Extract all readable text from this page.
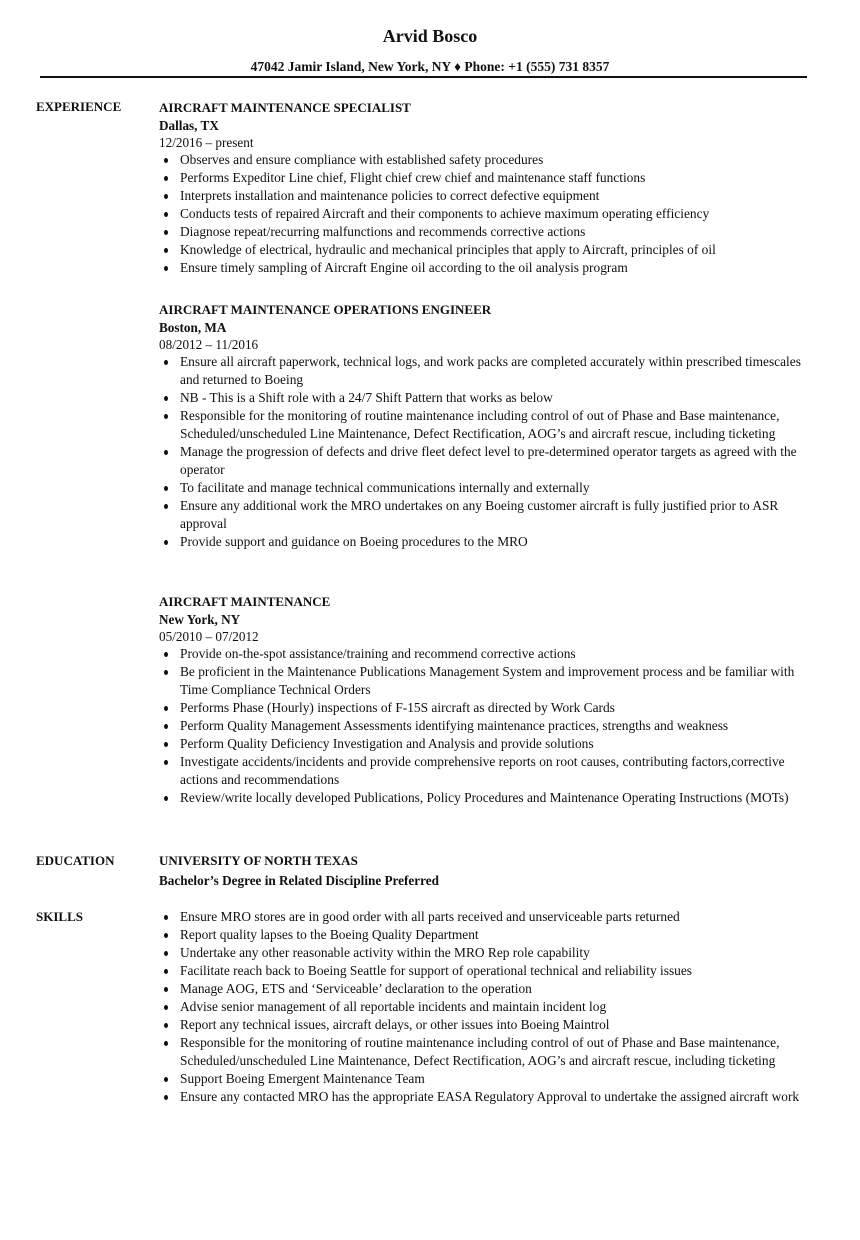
Arvid Bosco
47042 Jamir Island, New York, NY ♦ Phone: +1 (555) 731 8357
EXPERIENCE	AIRCRAFT MAINTENANCE SPECIALIST
Dallas, TX
12/2016 – present
Observes and ensure compliance with established safety procedures
Performs Expeditor Line chief, Flight chief crew chief and maintenance staff functions
Interprets installation and maintenance policies to correct defective equipment
Conducts tests of repaired Aircraft and their components to achieve maximum operating efficiency
Diagnose repeat/recurring malfunctions and recommends corrective actions
Knowledge of electrical, hydraulic and mechanical principles that apply to Aircraft, principles of oil
Ensure timely sampling of Aircraft Engine oil according to the oil analysis program
AIRCRAFT MAINTENANCE OPERATIONS ENGINEER
Boston, MA
08/2012 – 11/2016
Ensure all aircraft paperwork, technical logs, and work packs are completed accurately within prescribed timescales and returned to Boeing
NB - This is a Shift role with a 24/7 Shift Pattern that works as below
Responsible for the monitoring of routine maintenance including control of out of Phase and Base maintenance, Scheduled/unscheduled Line Maintenance, Defect Rectification, AOG’s and aircraft rescue, including ticketing
Manage the progression of defects and drive fleet defect level to pre-determined operator targets as agreed with the operator
To facilitate and manage technical communications internally and externally
Ensure any additional work the MRO undertakes on any Boeing customer aircraft is fully justified prior to ASR approval
Provide support and guidance on Boeing procedures to the MRO
AIRCRAFT MAINTENANCE
New York, NY
05/2010 – 07/2012
Provide on-the-spot assistance/training and recommend corrective actions
Be proficient in the Maintenance Publications Management System and improvement process and be familiar with Time Compliance Technical Orders
Performs Phase (Hourly) inspections of F-15S aircraft as directed by Work Cards
Perform Quality Management Assessments identifying maintenance practices, strengths and weakness
Perform Quality Deficiency Investigation and Analysis and provide solutions
Investigate accidents/incidents and provide comprehensive reports on root causes, contributing factors,corrective actions and recommendations
Review/write locally developed Publications, Policy Procedures and Maintenance Operating Instructions (MOTs)
EDUCATION	UNIVERSITY OF NORTH TEXAS
Bachelor’s Degree in Related Discipline Preferred
SKILLS	Ensure MRO stores are in good order with all parts received and unserviceable parts returned
Report quality lapses to the Boeing Quality Department
Undertake any other reasonable activity within the MRO Rep role capability
Facilitate reach back to Boeing Seattle for support of operational technical and reliability issues
Manage AOG, ETS and ‘Serviceable’ declaration to the operation
Advise senior management of all reportable incidents and maintain incident log
Report any technical issues, aircraft delays, or other issues into Boeing Maintrol
Responsible for the monitoring of routine maintenance including control of out of Phase and Base maintenance, Scheduled/unscheduled Line Maintenance, Defect Rectification, AOG’s and aircraft rescue, including ticketing
Support Boeing Emergent Maintenance Team
Ensure any contacted MRO has the appropriate EASA Regulatory Approval to undertake the assigned aircraft work
